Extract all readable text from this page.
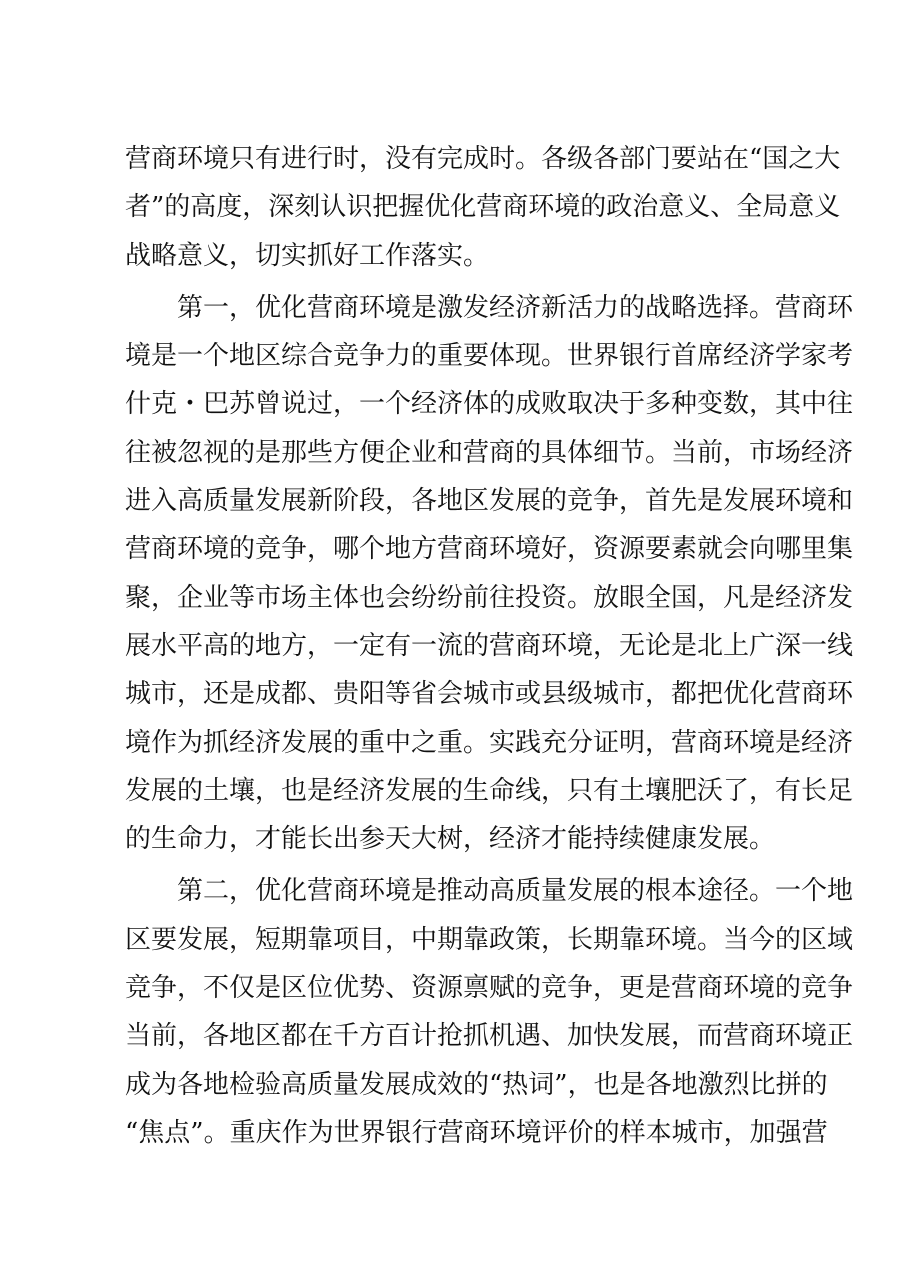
营商环境只有进行时，没有完成时。各级各部门要站在“国之大
者”的高度，深刻认识把握优化营商环境的政治意义、全局意义
战略意义，切实抓好工作落实。
第一，优化营商环境是激发经济新活力的战略选择。营商环
境是一个地区综合竞争力的重要体现。世界银行首席经济学家考
什克・巴苏曾说过，一个经济体的成败取决于多种变数，其中往
往被忽视的是那些方便企业和营商的具体细节。当前，市场经济
进入高质量发展新阶段，各地区发展的竞争，首先是发展环境和
营商环境的竞争，哪个地方营商环境好，资源要素就会向哪里集
聚，企业等市场主体也会纷纷前往投资。放眼全国，凡是经济发
展水平高的地方，一定有一流的营商环境，无论是北上广深一线
城市，还是成都、贵阳等省会城市或县级城市，都把优化营商环
境作为抓经济发展的重中之重。实践充分证明，营商环境是经济
发展的土壤，也是经济发展的生命线，只有土壤肥沃了，有长足
的生命力，才能长出参天大树，经济才能持续健康发展。
第二，优化营商环境是推动高质量发展的根本途径。一个地
区要发展，短期靠项目，中期靠政策，长期靠环境。当今的区域
竞争，不仅是区位优势、资源禀赋的竞争，更是营商环境的竞争
当前，各地区都在千方百计抢抓机遇、加快发展，而营商环境正
成为各地检验高质量发展成效的“热词”，也是各地激烈比拼的
“焦点”。重庆作为世界银行营商环境评价的样本城市，加强营
